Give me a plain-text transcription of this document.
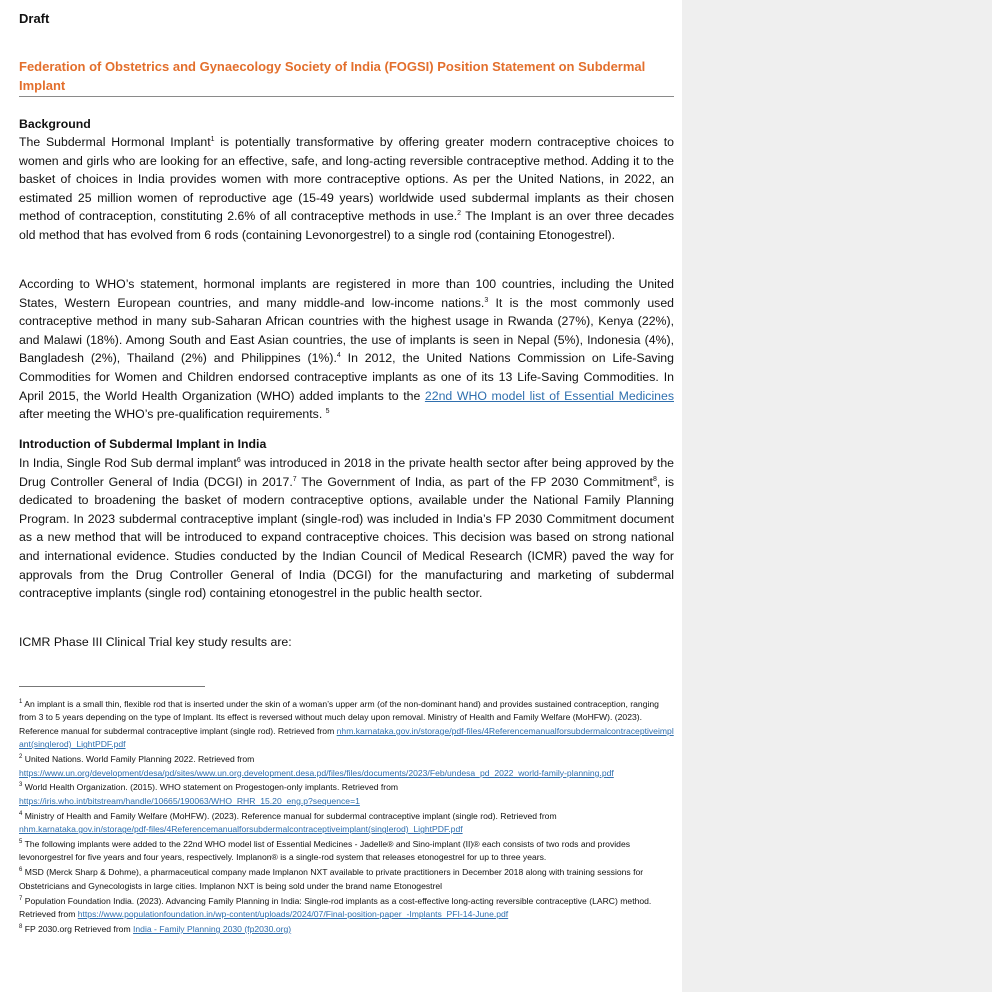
Draft
Federation of Obstetrics and Gynaecology Society of India (FOGSI) Position Statement on Subdermal Implant

Background

The Subdermal Hormonal Implant$^1$ is potentially transformative by offering greater modern contraceptive choices to women and girls who are looking for an effective, safe, and long-acting reversible contraceptive method. Adding it to the basket of choices in India provides women with more contraceptive options. As per the United Nations, in 2022, an estimated 25 million women of reproductive age (15-49 years) worldwide used subdermal implants as their chosen method of contraception, constituting 2.6% of all contraceptive methods in use.$^2$ The Implant is an over three decades old method that has evolved from 6 rods (containing Levonorgestrel) to a single rod (containing Etonogestrel).

According to WHO’s statement, hormonal implants are registered in more than 100 countries, including the United States, Western European countries, and many middle-and low-income nations.$^3$ It is the most commonly used contraceptive method in many sub-Saharan African countries with the highest usage in Rwanda (27%), Kenya (22%), and Malawi (18%). Among South and East Asian countries, the use of implants is seen in Nepal (5%), Indonesia (4%), Bangladesh (2%), Thailand (2%) and Philippines (1%).$^4$ In 2012, the United Nations Commission on Life-Saving Commodities for Women and Children endorsed contraceptive implants as one of its 13 Life-Saving Commodities. In April 2015, the World Health Organization (WHO) added implants to the 22nd WHO model list of Essential Medicines after meeting the WHO’s pre-qualification requirements. $^5$

Introduction of Subdermal Implant in India

In India, Single Rod Sub dermal implant$^6$ was introduced in 2018 in the private health sector after being approved by the Drug Controller General of India (DCGI) in 2017.$^7$ The Government of India, as part of the FP 2030 Commitment$^8$, is dedicated to broadening the basket of modern contraceptive options, available under the National Family Planning Program. In 2023 subdermal contraceptive implant (single-rod) was included in India’s FP 2030 Commitment document as a new method that will be introduced to expand contraceptive choices. This decision was based on strong national and international evidence. Studies conducted by the Indian Council of Medical Research (ICMR) paved the way for approvals from the Drug Controller General of India (DCGI) for the manufacturing and marketing of subdermal contraceptive implants (single rod) containing etonogestrel in the public health sector.

ICMR Phase III Clinical Trial key study results are:

$^1$ An implant is a small thin, flexible rod that is inserted under the skin of a woman’s upper arm (of the non-dominant hand) and provides sustained contraception, ranging from 3 to 5 years depending on the type of Implant. Its effect is reversed without much delay upon removal. Ministry of Health and Family Welfare (MoHFW). (2023). Reference manual for subdermal contraceptive implant (single rod). Retrieved from nhm.karnataka.gov.in/storage/pdf-files/4Referencemanualforsubdermalcontraceptiveimplant(singlerod)_LightPDF.pdf

$^2$ United Nations. World Family Planning 2022. Retrieved from
https://www.un.org/development/desa/pd/sites/www.un.org.development.desa.pd/files/files/documents/2023/Feb/undesa_pd_2022_world-family-planning.pdf

$^3$ World Health Organization. (2015). WHO statement on Progestogen-only implants. Retrieved from
https://iris.who.int/bitstream/handle/10665/190063/WHO_RHR_15.20_eng.p?sequence=1

$^4$ Ministry of Health and Family Welfare (MoHFW). (2023). Reference manual for subdermal contraceptive implant (single rod). Retrieved from
nhm.karnataka.gov.in/storage/pdf-files/4Referencemanualforsubdermalcontraceptiveimplant(singlerod)_LightPDF.pdf

$^5$ The following implants were added to the 22nd WHO model list of Essential Medicines - Jadelle® and Sino-implant (II)® each consists of two rods and provides levonorgestrel for five years and four years, respectively. Implanon® is a single-rod system that releases etonogestrel for up to three years.

$^6$ MSD (Merck Sharp & Dohme), a pharmaceutical company made Implanon NXT available to private practitioners in December 2018 along with training sessions for Obstetricians and Gynecologists in large cities. Implanon NXT is being sold under the brand name Etonogestrel

$^7$ Population Foundation India. (2023). Advancing Family Planning in India: Single-rod implants as a cost-effective long-acting reversible contraceptive (LARC) method. Retrieved from https://www.populationfoundation.in/wp-content/uploads/2024/07/Final-position-paper_-Implants_PFI-14-June.pdf

$^8$ FP 2030.org Retrieved from India - Family Planning 2030 (fp2030.org)
